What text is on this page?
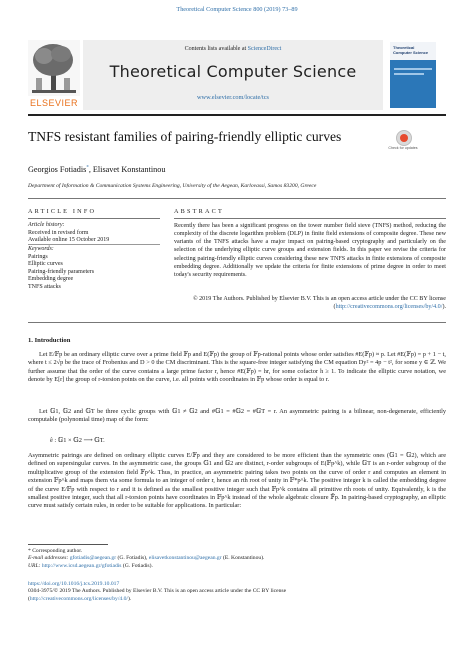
Theoretical Computer Science 800 (2019) 73–89
ELSEVIER
Contents lists available at ScienceDirect
Theoretical Computer Science
www.elsevier.com/locate/tcs
Theoretical Computer Science
TNFS resistant families of pairing-friendly elliptic curves
Check for updates
Georgios Fotiadis*, Elisavet Konstantinou
Department of Information & Communication Systems Engineering, University of the Aegean, Karlovassi, Samos 83200, Greece
ARTICLE INFO	ABSTRACT
Article history:
Received in revised form
Available online 15 October 2019
Keywords:
Pairings
Elliptic curves
Pairing-friendly parameters
Embedding degree
TNFS attacks
Recently there has been a significant progress on the tower number field sieve (TNFS) method, reducing the complexity of the discrete logarithm problem (DLP) in finite field extensions of composite degree. These new variants of the TNFS attacks have a major impact on pairing-based cryptography and particularly on the selection of the underlying elliptic curve groups and extension fields. In this paper we revise the criteria for selecting pairing-friendly elliptic curves considering these new TNFS attacks in finite extensions of composite embedding degree. Additionally we update the criteria for finite extensions of prime degree in order to meet today's security requirements.
© 2019 The Authors. Published by Elsevier B.V. This is an open access article under the CC BY license (http://creativecommons.org/licenses/by/4.0/).
1. Introduction
Let E/𝔽p be an ordinary elliptic curve over a prime field 𝔽p and E(𝔽p) the group of 𝔽p-rational points whose order satisfies #E(𝔽p) ≈ p. Let #E(𝔽p) = p + 1 − t, where t ≤ 2√p be the trace of Frobenius and D > 0 the CM discriminant. This is the square-free integer satisfying the CM equation Dy² = 4p − t², for some y ∈ ℤ. We further assume that the order of the curve contains a large prime factor r, hence #E(𝔽p) = hr, for some cofactor h ≥ 1. To indicate the elliptic curve notation, we denote by E[r] the group of r-torsion points on the curve, i.e. all points with coordinates in 𝔽p whose order is equal to r.
Let 𝔾1, 𝔾2 and 𝔾T be three cyclic groups with 𝔾1 ≠ 𝔾2 and #𝔾1 = #𝔾2 = #𝔾T = r. An asymmetric pairing is a bilinear, non-degenerate, efficiently computable (polynomial time) map of the form:
ê : 𝔾1 × 𝔾2 ⟶ 𝔾T.
Asymmetric pairings are defined on ordinary elliptic curves E/𝔽p and they are considered to be more efficient than the symmetric ones (𝔾1 = 𝔾2), which are defined on supersingular curves. In the asymmetric case, the groups 𝔾1 and 𝔾2 are distinct, r-order subgroups of E(𝔽p^k), while 𝔾T is an r-order subgroup of the multiplicative group of the extension field 𝔽p^k. Thus, in practice, an asymmetric pairing takes two points on the curve of order r and computes an element in extension 𝔽p^k and maps them via some formula to an integer of order r, hence an rth root of unity in 𝔽*p^k. The positive integer k is called the embedding degree of the curve E/𝔽p with respect to r and it is defined as the smallest positive integer such that 𝔽p^k contains all primitive rth roots of unity. Equivalently, k is the smallest positive integer, such that all r-torsion points have coordinates in 𝔽p^k instead of the whole algebraic closure 𝔽̄p. In pairing-based cryptography, an elliptic curve must satisfy certain rules, in order to be suitable for applications. In particular:
* Corresponding author.
E-mail addresses: gfotiadis@aegean.gr (G. Fotiadis), elisavetkonstantinou@aegean.gr (E. Konstantinou).
URL: http://www.icsd.aegean.gr/gfotiadis (G. Fotiadis).
https://doi.org/10.1016/j.tcs.2019.10.017
0304-3975/© 2019 The Authors. Published by Elsevier B.V. This is an open access article under the CC BY license
(http://creativecommons.org/licenses/by/4.0/).
